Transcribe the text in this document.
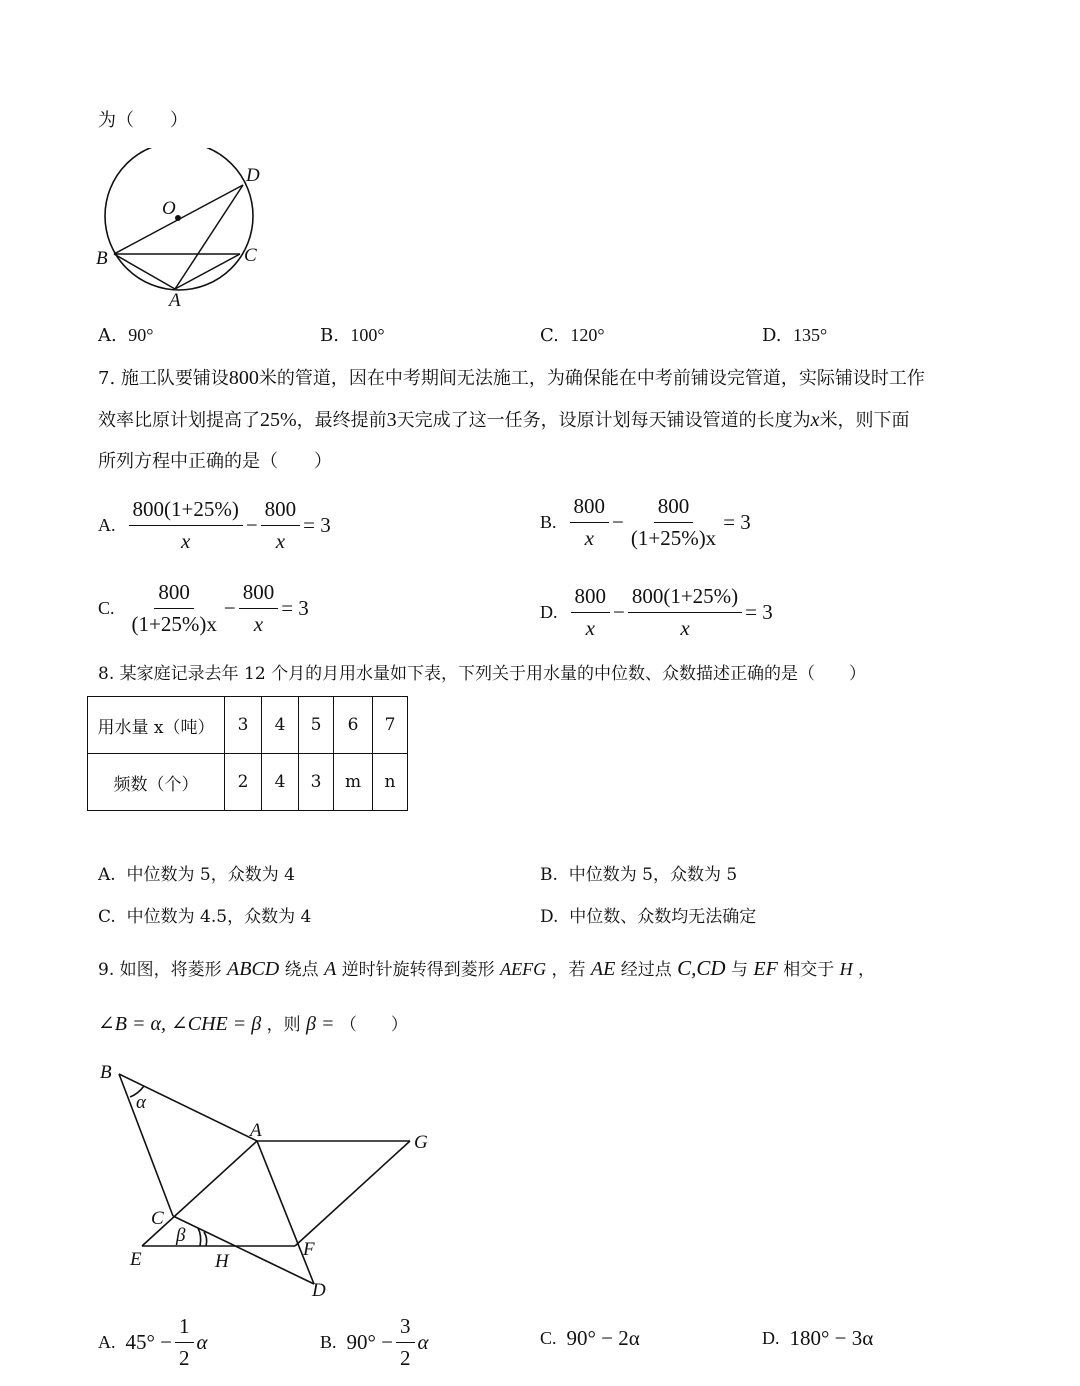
为（　　）
O
D
B	C
A
A. 90°	B. 100°	C. 120°	D. 135°
7. 施工队要铺设800米的管道，因在中考期间无法施工，为确保能在中考前铺设完管道，实际铺设时工作
效率比原计划提高了25%，最终提前3天完成了这一任务，设原计划每天铺设管道的长度为x米，则下面
所列方程中正确的是（　　）
A. $\frac{800(1+25\%)}{x} - \frac{800}{x} = 3$	B. $\frac{800}{x} - \frac{800}{(1+25\%)x} = 3$
C. $\frac{800}{(1+25\%)x} - \frac{800}{x} = 3$	D. $\frac{800}{x} - \frac{800(1+25\%)}{x} = 3$
8. 某家庭记录去年 12 个月的月用水量如下表，下列关于用水量的中位数、众数描述正确的是（　　）
用水量 x（吨）	3	4	5	6	7
频数（个）	2	4	3	m	n
A. 中位数为 5，众数为 4	B. 中位数为 5，众数为 5
C. 中位数为 4.5，众数为 4	D. 中位数、众数均无法确定
9. 如图，将菱形 ABCD 绕点 A 逆时针旋转得到菱形 AEFG ，若 AE 经过点 C,CD 与 EF 相交于 H ，
∠B = α, ∠CHE = β ，则 β = （　　）
B
α
A
G
C
β
E	H
F
D
A. $45^\circ - \frac{1}{2}$ α	B. $90^\circ - \frac{3}{2}$ α	C. 90° − 2α	D. 180° − 3α
